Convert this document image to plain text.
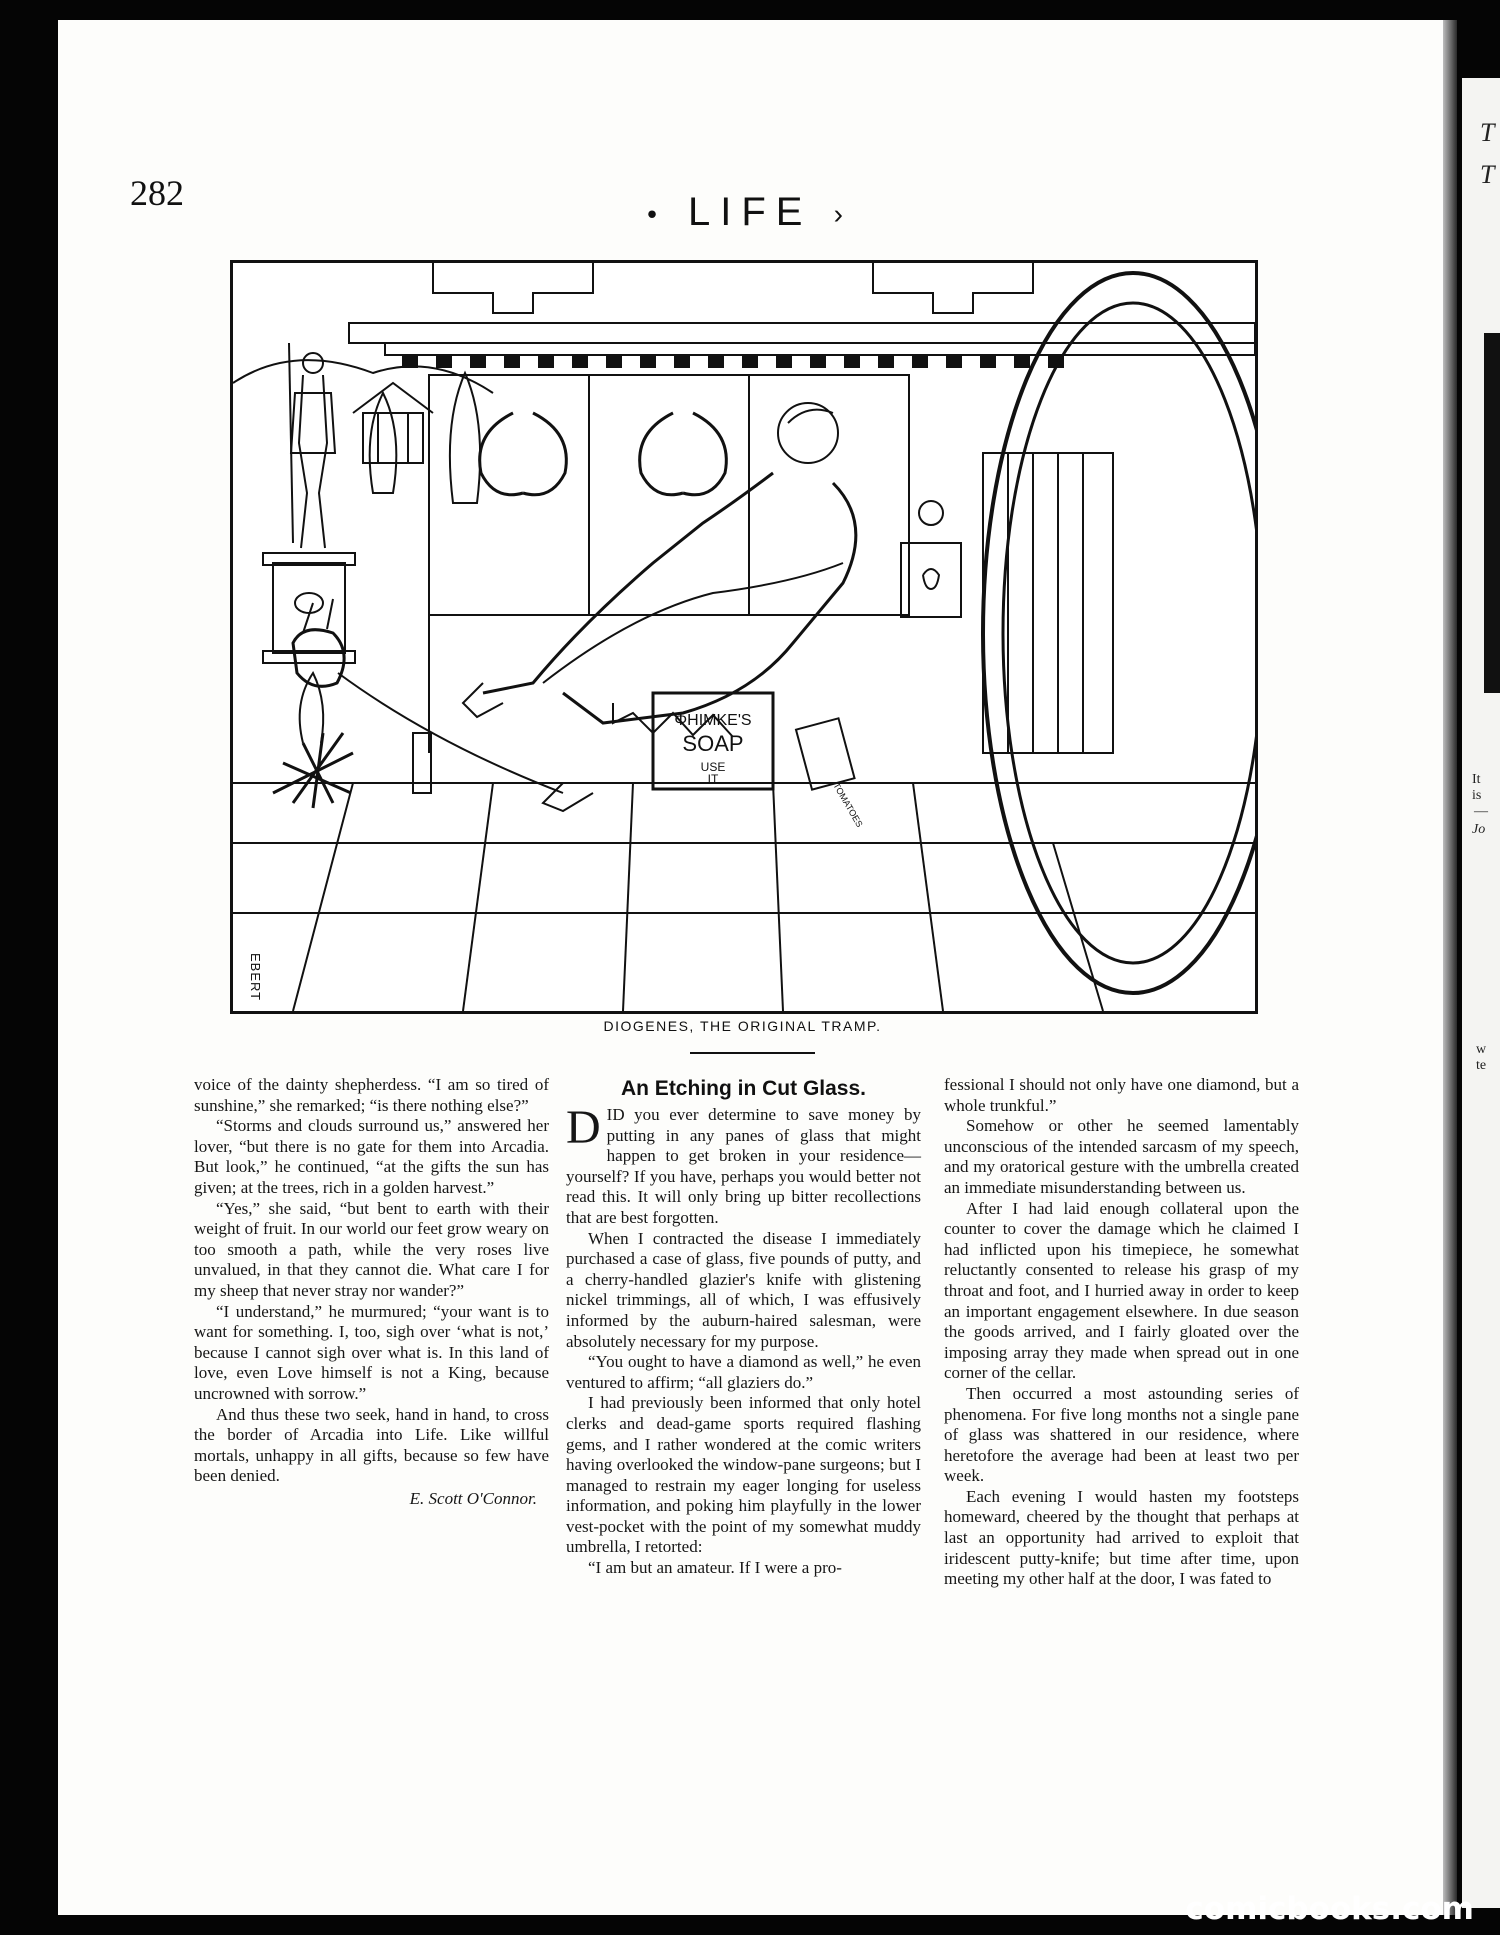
T
T
It
is
—
Jo
w
te
282
• LIFE ›
ΦΗΙΜΚΕ'S
SOAP
USE
IT
TOMATOES
EBERT
DIOGENES, THE ORIGINAL TRAMP.

voice of the dainty shepherdess. “I am so tired of sunshine,” she remarked; “is there nothing else?”

“Storms and clouds surround us,” answered her lover, “but there is no gate for them into Arcadia. But look,” he continued, “at the gifts the sun has given; at the trees, rich in a golden harvest.”

“Yes,” she said, “but bent to earth with their weight of fruit. In our world our feet grow weary on too smooth a path, while the very roses live unvalued, in that they cannot die. What care I for my sheep that never stray nor wander?”

“I understand,” he murmured; “your want is to want for something. I, too, sigh over ‘what is not,’ because I cannot sigh over what is. In this land of love, even Love himself is not a King, because uncrowned with sorrow.”

And thus these two seek, hand in hand, to cross the border of Arcadia into Life. Like willful mortals, unhappy in all gifts, because so few have been denied.

E. Scott O'Connor.
An Etching in Cut Glass.

DID you ever determine to save money by putting in any panes of glass that might happen to get broken in your residence—yourself? If you have, perhaps you would better not read this. It will only bring up bitter recollections that are best forgotten.

When I contracted the disease I immediately purchased a case of glass, five pounds of putty, and a cherry-handled glazier's knife with glistening nickel trimmings, all of which, I was effusively informed by the auburn-haired salesman, were absolutely necessary for my purpose.

“You ought to have a diamond as well,” he even ventured to affirm; “all glaziers do.”

I had previously been informed that only hotel clerks and dead-game sports required flashing gems, and I rather wondered at the comic writers having overlooked the window-pane surgeons; but I managed to restrain my eager longing for useless information, and poking him playfully in the lower vest-pocket with the point of my somewhat muddy umbrella, I retorted:

“I am but an amateur. If I were a pro-

fessional I should not only have one diamond, but a whole trunkful.”

Somehow or other he seemed lamentably unconscious of the intended sarcasm of my speech, and my oratorical gesture with the umbrella created an immediate misunderstanding between us.

After I had laid enough collateral upon the counter to cover the damage which he claimed I had inflicted upon his timepiece, he somewhat reluctantly consented to release his grasp of my throat and foot, and I hurried away in order to keep an important engagement elsewhere. In due season the goods arrived, and I fairly gloated over the imposing array they made when spread out in one corner of the cellar.

Then occurred a most astounding series of phenomena. For five long months not a single pane of glass was shattered in our residence, where heretofore the average had been at least two per week.

Each evening I would hasten my footsteps homeward, cheered by the thought that perhaps at last an opportunity had arrived to exploit that iridescent putty-knife; but time after time, upon meeting my other half at the door, I was fated to

comicbooks.com
